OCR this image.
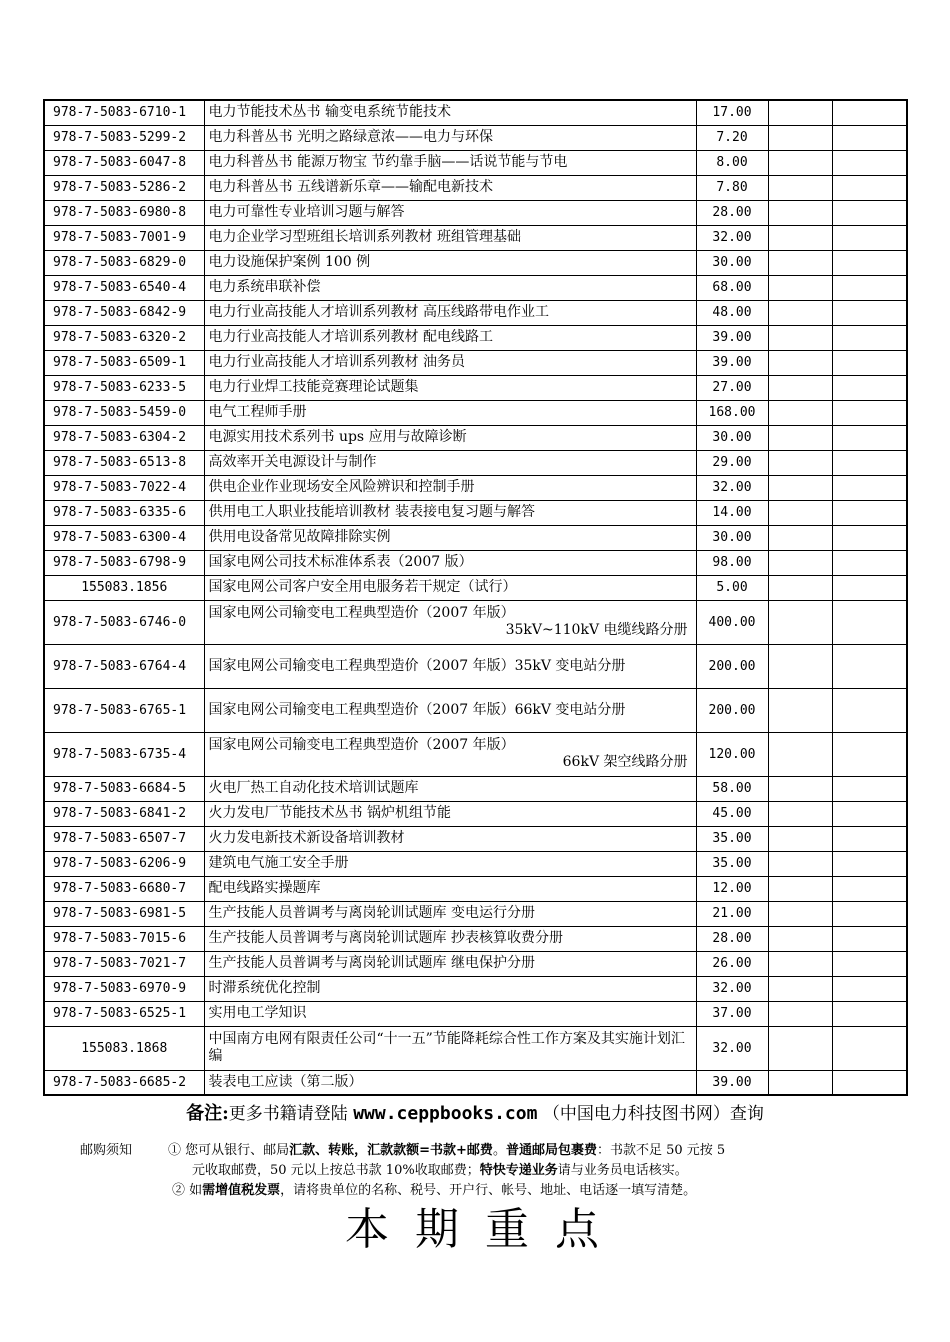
978-7-5083-6710-1	电力节能技术丛书 输变电系统节能技术	17.00		
978-7-5083-5299-2	电力科普丛书 光明之路绿意浓——电力与环保	7.20		
978-7-5083-6047-8	电力科普丛书 能源万物宝 节约靠手脑——话说节能与节电	8.00		
978-7-5083-5286-2	电力科普丛书 五线谱新乐章——输配电新技术	7.80		
978-7-5083-6980-8	电力可靠性专业培训习题与解答	28.00		
978-7-5083-7001-9	电力企业学习型班组长培训系列教材 班组管理基础	32.00		
978-7-5083-6829-0	电力设施保护案例 100 例	30.00		
978-7-5083-6540-4	电力系统串联补偿	68.00		
978-7-5083-6842-9	电力行业高技能人才培训系列教材 高压线路带电作业工	48.00		
978-7-5083-6320-2	电力行业高技能人才培训系列教材 配电线路工	39.00		
978-7-5083-6509-1	电力行业高技能人才培训系列教材 油务员	39.00		
978-7-5083-6233-5	电力行业焊工技能竞赛理论试题集	27.00		
978-7-5083-5459-0	电气工程师手册	168.00		
978-7-5083-6304-2	电源实用技术系列书 ups 应用与故障诊断	30.00		
978-7-5083-6513-8	高效率开关电源设计与制作	29.00		
978-7-5083-7022-4	供电企业作业现场安全风险辨识和控制手册	32.00		
978-7-5083-6335-6	供用电工人职业技能培训教材 装表接电复习题与解答	14.00		
978-7-5083-6300-4	供用电设备常见故障排除实例	30.00		
978-7-5083-6798-9	国家电网公司技术标准体系表（2007 版）	98.00		
155083.1856	国家电网公司客户安全用电服务若干规定（试行）	5.00		
978-7-5083-6746-0	国家电网公司输变电工程典型造价（2007 年版）
35kV~110kV 电缆线路分册	400.00		
978-7-5083-6764-4	国家电网公司输变电工程典型造价（2007 年版）35kV 变电站分册	200.00		
978-7-5083-6765-1	国家电网公司输变电工程典型造价（2007 年版）66kV 变电站分册	200.00		
978-7-5083-6735-4	国家电网公司输变电工程典型造价（2007 年版）
66kV 架空线路分册	120.00		
978-7-5083-6684-5	火电厂热工自动化技术培训试题库	58.00		
978-7-5083-6841-2	火力发电厂节能技术丛书 锅炉机组节能	45.00		
978-7-5083-6507-7	火力发电新技术新设备培训教材	35.00		
978-7-5083-6206-9	建筑电气施工安全手册	35.00		
978-7-5083-6680-7	配电线路实操题库	12.00		
978-7-5083-6981-5	生产技能人员普调考与离岗轮训试题库 变电运行分册	21.00		
978-7-5083-7015-6	生产技能人员普调考与离岗轮训试题库 抄表核算收费分册	28.00		
978-7-5083-7021-7	生产技能人员普调考与离岗轮训试题库 继电保护分册	26.00		
978-7-5083-6970-9	时滞系统优化控制	32.00		
978-7-5083-6525-1	实用电工学知识	37.00		
155083.1868	中国南方电网有限责任公司“十一五”节能降耗综合性工作方案及其实施计划汇编	32.00		
978-7-5083-6685-2	装表电工应读（第二版）	39.00		
备注:更多书籍请登陆 www.ceppbooks.com （中国电力科技图书网）查询
邮购须知	① 您可从银行、邮局汇款、转账，汇款款额=书款+邮费。普通邮局包裹费：书款不足 50 元按 5
元收取邮费，50 元以上按总书款 10%收取邮费；特快专递业务请与业务员电话核实。
② 如需增值税发票，请将贵单位的名称、税号、开户行、帐号、地址、电话逐一填写清楚。
本期重点
